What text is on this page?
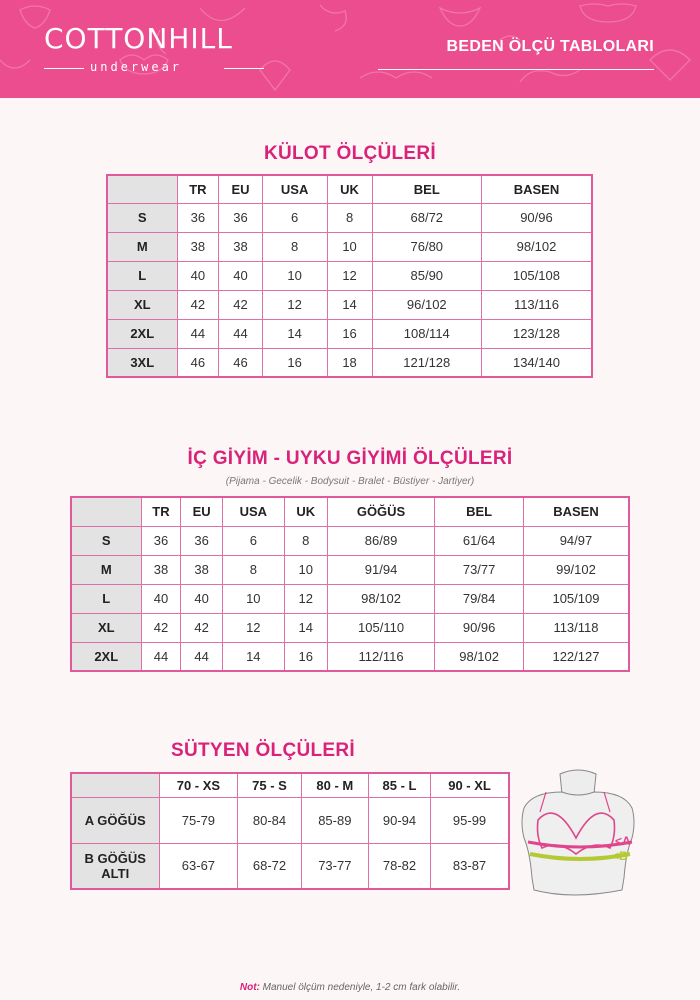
COTTONHILL
underwear
BEDEN ÖLÇÜ TABLOLARI
KÜLOT ÖLÇÜLERİ
	TR	EU	USA	UK	BEL	BASEN
S	36	36	6	8	68/72	90/96
M	38	38	8	10	76/80	98/102
L	40	40	10	12	85/90	105/108
XL	42	42	12	14	96/102	113/116
2XL	44	44	14	16	108/114	123/128
3XL	46	46	16	18	121/128	134/140
İÇ GİYİM - UYKU GİYİMİ ÖLÇÜLERİ
(Pijama - Gecelik - Bodysuit - Bralet - Büstiyer - Jartiyer)
	TR	EU	USA	UK	GÖĞÜS	BEL	BASEN
S	36	36	6	8	86/89	61/64	94/97
M	38	38	8	10	91/94	73/77	99/102
L	40	40	10	12	98/102	79/84	105/109
XL	42	42	12	14	105/110	90/96	113/118
2XL	44	44	14	16	112/116	98/102	122/127
SÜTYEN ÖLÇÜLERİ
	70 - XS	75 - S	80 - M	85 - L	90 - XL

A GÖĞÜS	75-79	80-84	85-89	90-94	95-99

B GÖĞÜS
ALTI	63-67	68-72	73-77	78-82	83-87
<A
<B
Not: Manuel ölçüm nedeniyle, 1-2 cm fark olabilir.
